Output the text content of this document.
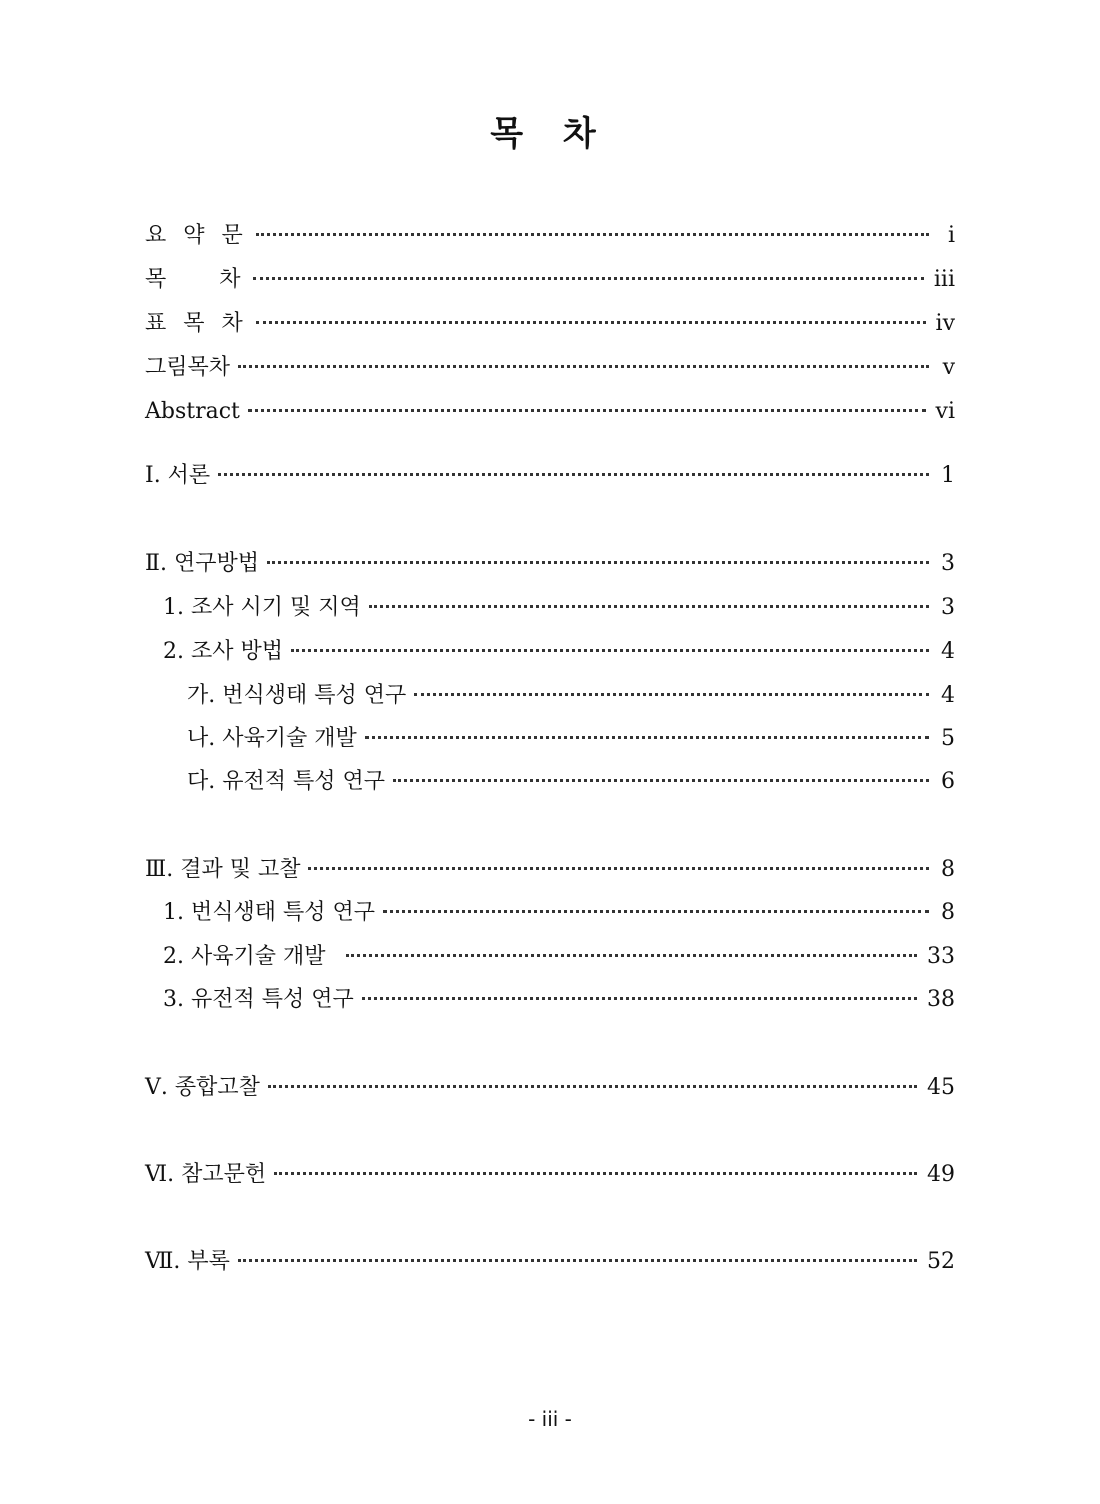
목 차
요 약 문	i
목    차	iii
표 목 차	iv
그림목차	v
Abstract	vi
Ⅰ. 서론	1
Ⅱ. 연구방법	3
1. 조사 시기 및 지역	3
2. 조사 방법	4
가. 번식생태 특성 연구	4
나. 사육기술 개발	5
다. 유전적 특성 연구	6
Ⅲ. 결과 및 고찰	8
1. 번식생태 특성 연구	8
2. 사육기술 개발	33
3. 유전적 특성 연구	38
Ⅴ. 종합고찰	45
Ⅵ. 참고문헌	49
Ⅶ. 부록	52
- iii -
